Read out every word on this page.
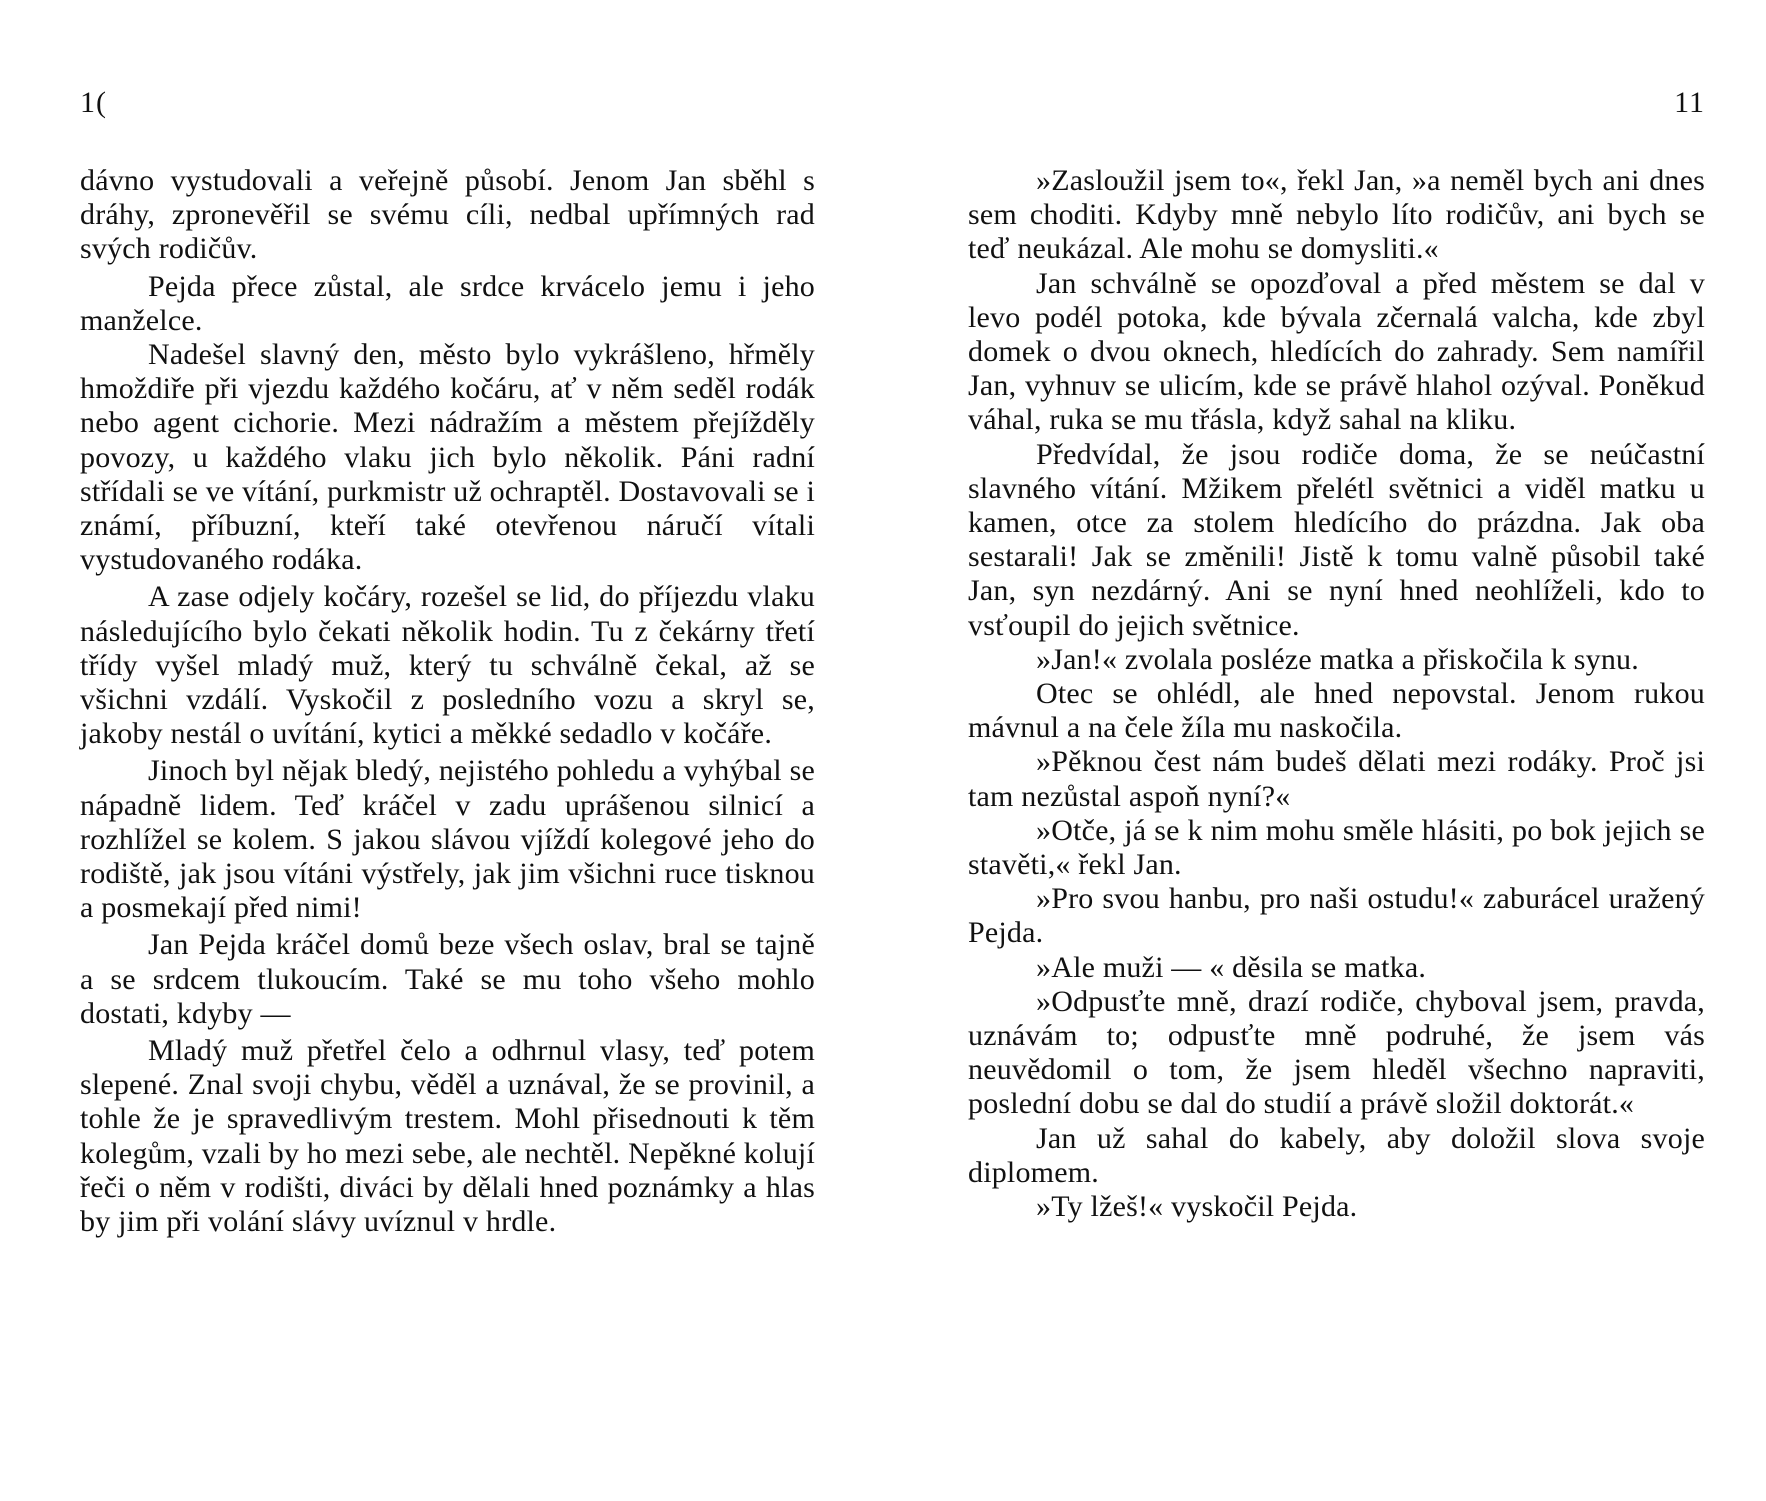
1(

dávno vystudovali a veřejně působí. Jenom Jan sběhl s dráhy, zpronevěřil se svému cíli, nedbal upřímných rad svých rodičův.

Pejda přece zůstal, ale srdce krvácelo jemu i jeho manželce.

Nadešel slavný den, město bylo vykrášleno, hřměly hmoždiře při vjezdu každého kočáru, ať v něm seděl rodák nebo agent cichorie. Mezi nádražím a městem přejížděly povozy, u každého vlaku jich bylo několik. Páni radní střídali se ve vítání, purkmistr už ochraptěl. Dostavovali se i známí, příbuzní, kteří také otevřenou náručí vítali vystudovaného rodáka.

A zase odjely kočáry, rozešel se lid, do příjezdu vlaku následujícího bylo čekati několik hodin. Tu z čekárny třetí třídy vyšel mladý muž, který tu schválně čekal, až se všichni vzdálí. Vyskočil z posledního vozu a skryl se, jakoby nestál o uvítání, kytici a měkké sedadlo v kočáře.

Jinoch byl nějak bledý, nejistého pohledu a vyhýbal se nápadně lidem. Teď kráčel v zadu uprášenou silnicí a rozhlížel se kolem. S jakou slávou vjíždí kolegové jeho do rodiště, jak jsou vítáni výstřely, jak jim všichni ruce tisknou a posmekají před nimi!

Jan Pejda kráčel domů beze všech oslav, bral se tajně a se srdcem tlukoucím. Také se mu toho všeho mohlo dostati, kdyby —

Mladý muž přetřel čelo a odhrnul vlasy, teď potem slepené. Znal svoji chybu, věděl a uznával, že se provinil, a tohle že je spravedlivým trestem. Mohl přisednouti k těm kolegům, vzali by ho mezi sebe, ale nechtěl. Nepěkné kolují řeči o něm v rodišti, diváci by dělali hned poznámky a hlas by jim při volání slávy uvíznul v hrdle.

11

»Zasloužil jsem to«, řekl Jan, »a neměl bych ani dnes sem choditi. Kdyby mně nebylo líto rodičův, ani bych se teď neukázal. Ale mohu se domysliti.«

Jan schválně se opozďoval a před městem se dal v levo podél potoka, kde bývala zčernalá valcha, kde zbyl domek o dvou oknech, hledících do zahrady. Sem namířil Jan, vyhnuv se ulicím, kde se právě hlahol ozýval. Poněkud váhal, ruka se mu třásla, když sahal na kliku.

Předvídal, že jsou rodiče doma, že se neúčastní slavného vítání. Mžikem přelétl světnici a viděl matku u kamen, otce za stolem hledícího do prázdna. Jak oba sestarali! Jak se změnili! Jistě k tomu valně působil také Jan, syn nezdárný. Ani se nyní hned neohlíželi, kdo to vsťoupil do jejich světnice.

»Jan!« zvolala posléze matka a přiskočila k synu.

Otec se ohlédl, ale hned nepovstal. Jenom rukou mávnul a na čele žíla mu naskočila.

»Pěknou čest nám budeš dělati mezi rodáky. Proč jsi tam nezůstal aspoň nyní?«

»Otče, já se k nim mohu směle hlásiti, po bok jejich se stavěti,« řekl Jan.

»Pro svou hanbu, pro naši ostudu!« zaburácel uražený Pejda.

»Ale muži — « děsila se matka.

»Odpusťte mně, drazí rodiče, chyboval jsem, pravda, uznávám to; odpusťte mně podruhé, že jsem vás neuvědomil o tom, že jsem hleděl všechno napraviti, poslední dobu se dal do studií a právě složil doktorát.«

Jan už sahal do kabely, aby doložil slova svoje diplomem.

»Ty lžeš!« vyskočil Pejda.
